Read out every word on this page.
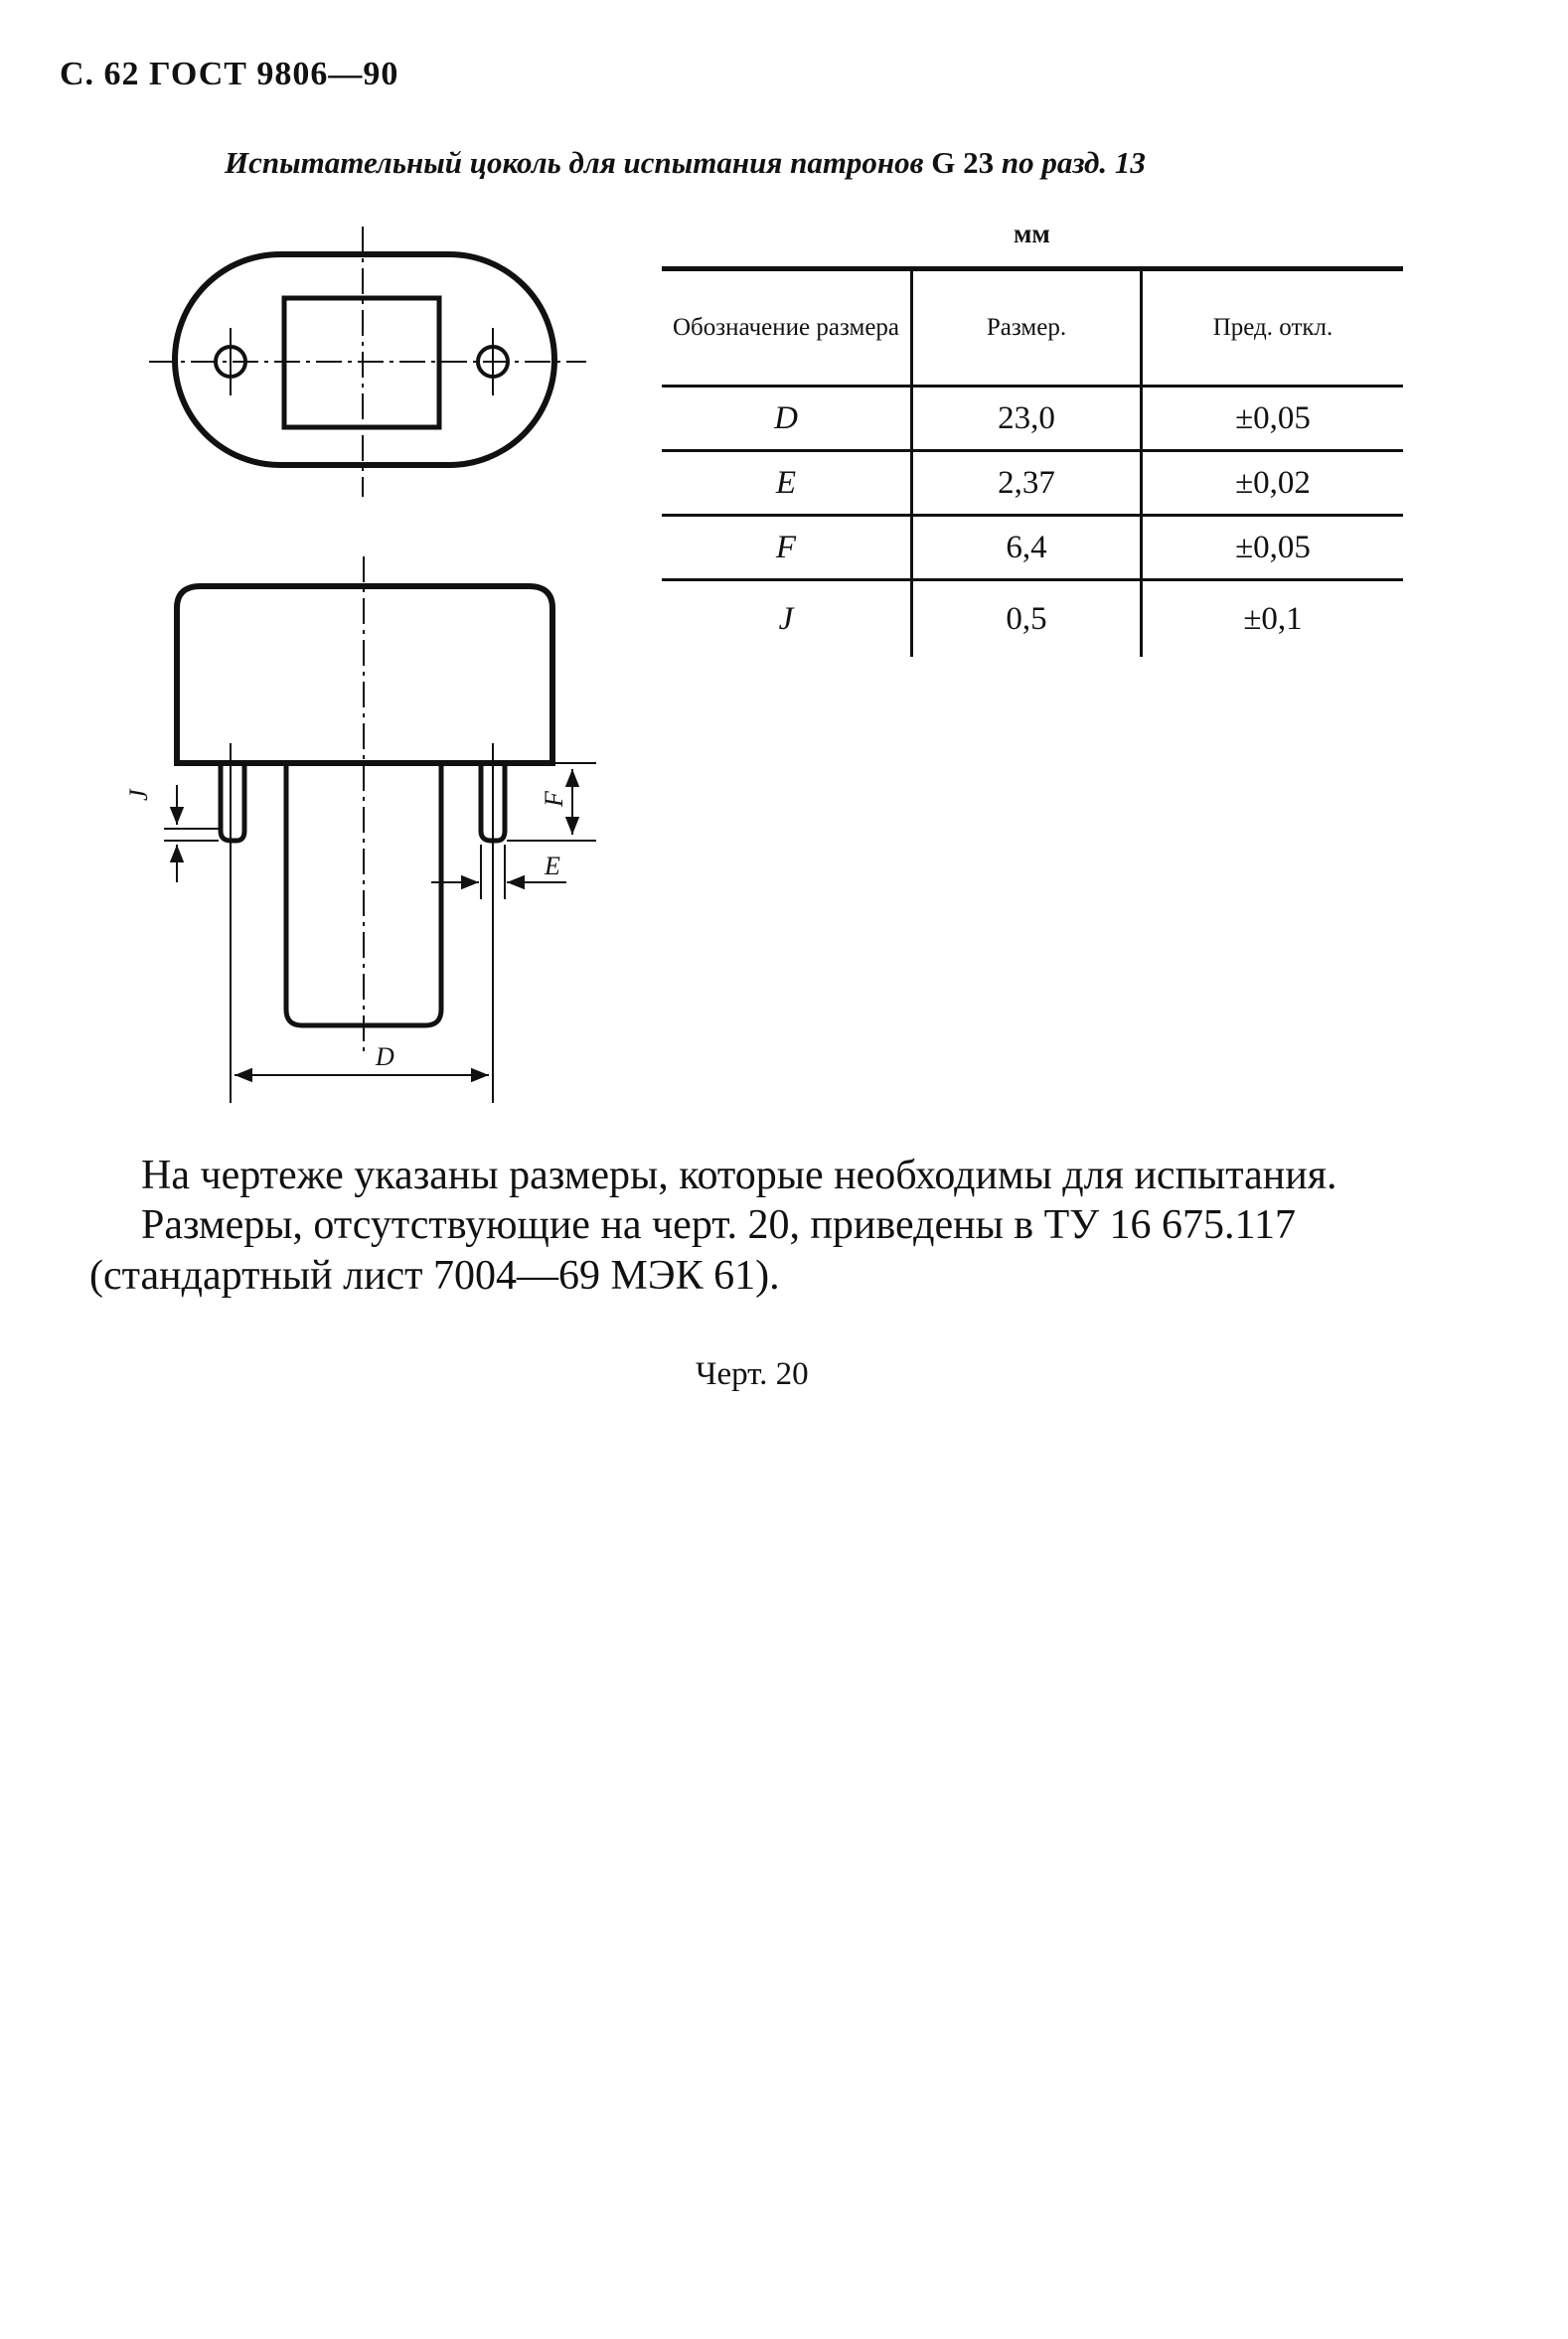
С. 62 ГОСТ 9806—90
Испытательный цоколь для испытания патронов G 23 по разд. 13
J	F
E
D
мм
Обозначение размера	Размер.	Пред. откл.
D	23,0	±0,05
E	2,37	±0,02
F	6,4	±0,05
J	0,5	±0,1

На чертеже указаны размеры, которые необходимы для испытания.

Размеры, отсутствующие на черт. 20, приведены в ТУ 16 675.117 (стандартный лист 7004—69 МЭК 61).

Черт. 20
